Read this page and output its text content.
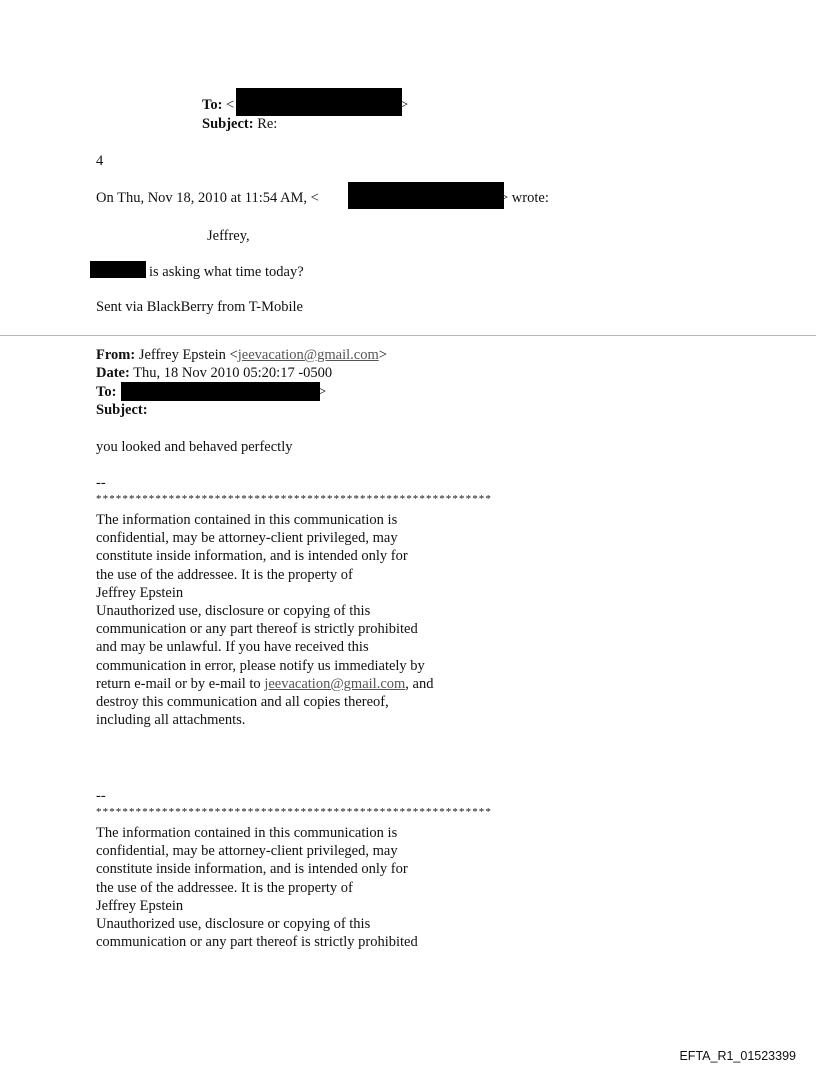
To: <	>
Subject: Re:
4
On Thu, Nov 18, 2010 at 11:54 AM, <	> wrote:
Jeffrey,
is asking what time today?
Sent via BlackBerry from T-Mobile
From: Jeffrey Epstein <jeevacation@gmail.com>
Date: Thu, 18 Nov 2010 05:20:17 -0500
To:	>
Subject:
you looked and behaved perfectly
--
************************************************************
The information contained in this communication is
confidential, may be attorney-client privileged, may
constitute inside information, and is intended only for
the use of the addressee. It is the property of
Jeffrey Epstein
Unauthorized use, disclosure or copying of this
communication or any part thereof is strictly prohibited
and may be unlawful. If you have received this
communication in error, please notify us immediately by
return e-mail or by e-mail to jeevacation@gmail.com, and
destroy this communication and all copies thereof,
including all attachments.
--
************************************************************
The information contained in this communication is
confidential, may be attorney-client privileged, may
constitute inside information, and is intended only for
the use of the addressee. It is the property of
Jeffrey Epstein
Unauthorized use, disclosure or copying of this
communication or any part thereof is strictly prohibited
EFTA_R1_01523399
